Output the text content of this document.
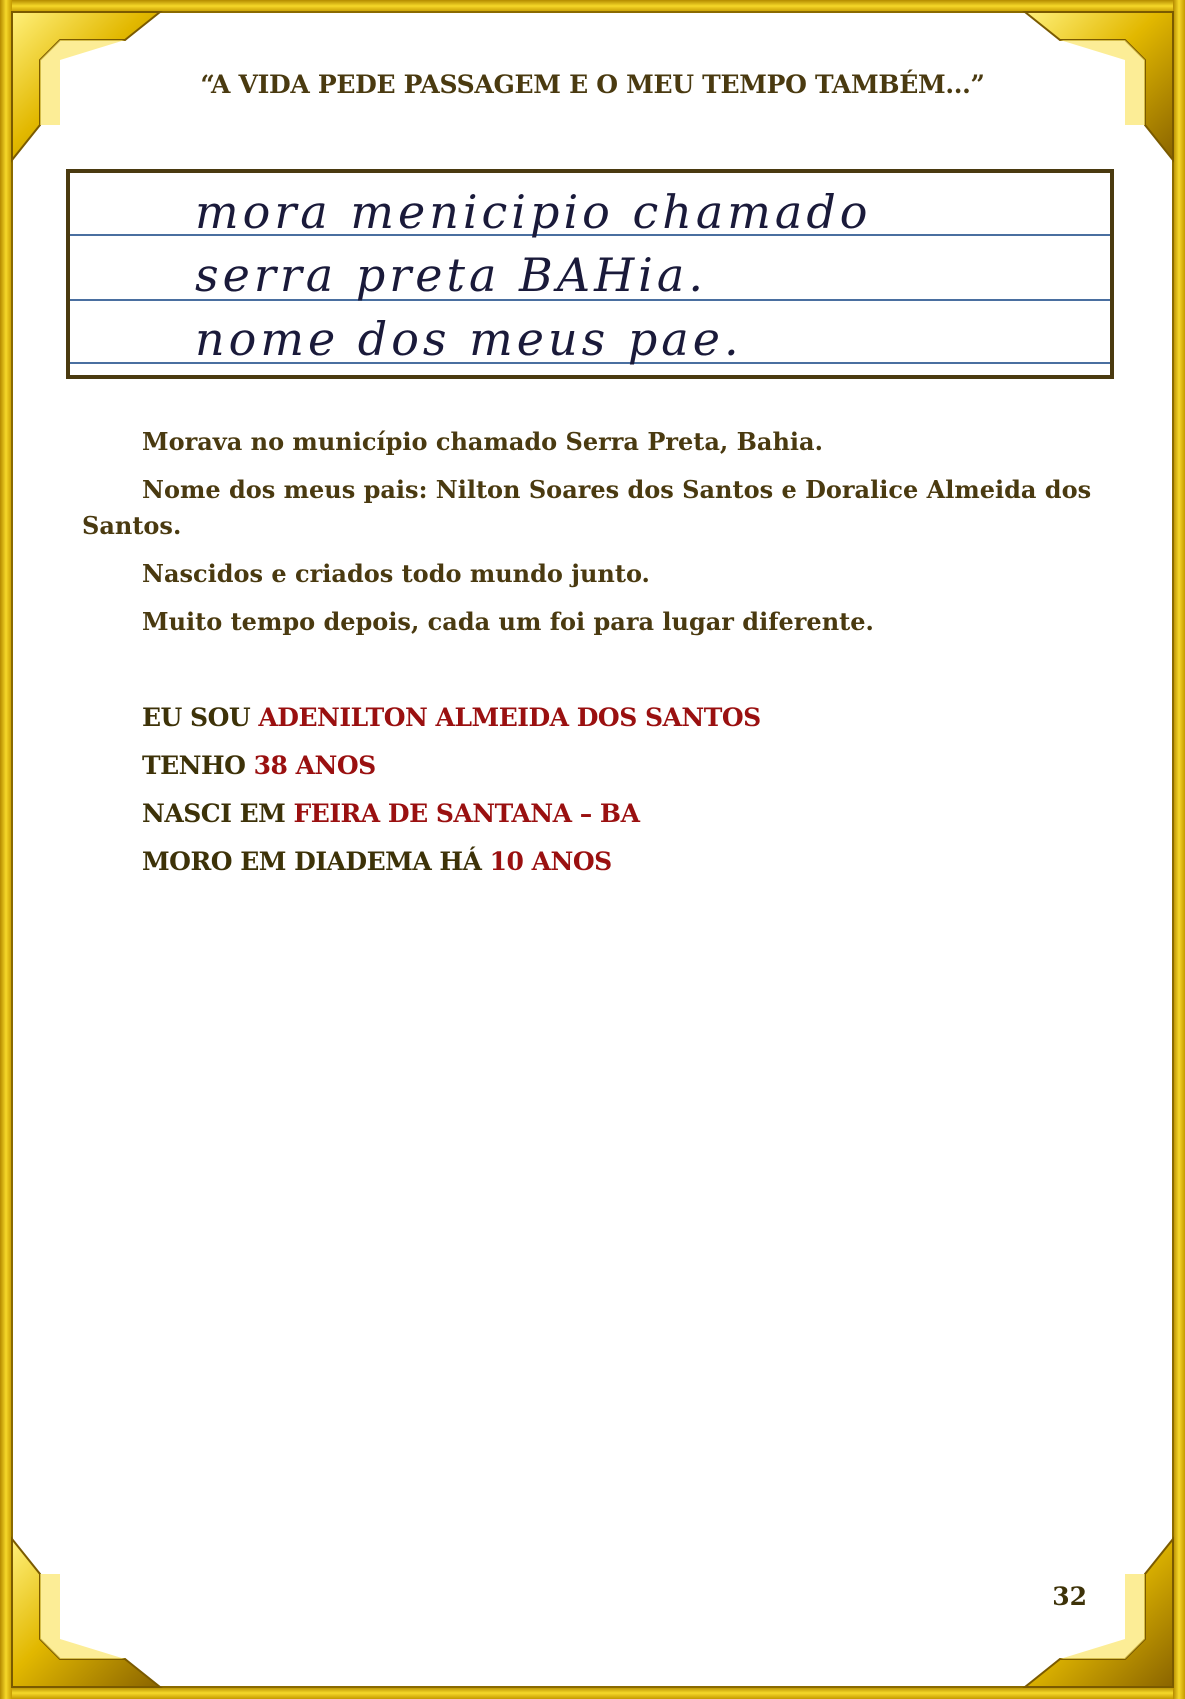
“A VIDA PEDE PASSAGEM E O MEU TEMPO TAMBÉM...”
mora menicipio chamado
serra preta BAHia.
nome dos meus pae.

Morava no município chamado Serra Preta, Bahia.

Nome dos meus pais: Nilton Soares dos Santos e Doralice Almeida dos Santos.

Nascidos e criados todo mundo junto.

Muito tempo depois, cada um foi para lugar diferente.

EU SOU ADENILTON ALMEIDA DOS SANTOS
TENHO 38 ANOS
NASCI EM FEIRA DE SANTANA – BA
MORO EM DIADEMA HÁ 10 ANOS
32
